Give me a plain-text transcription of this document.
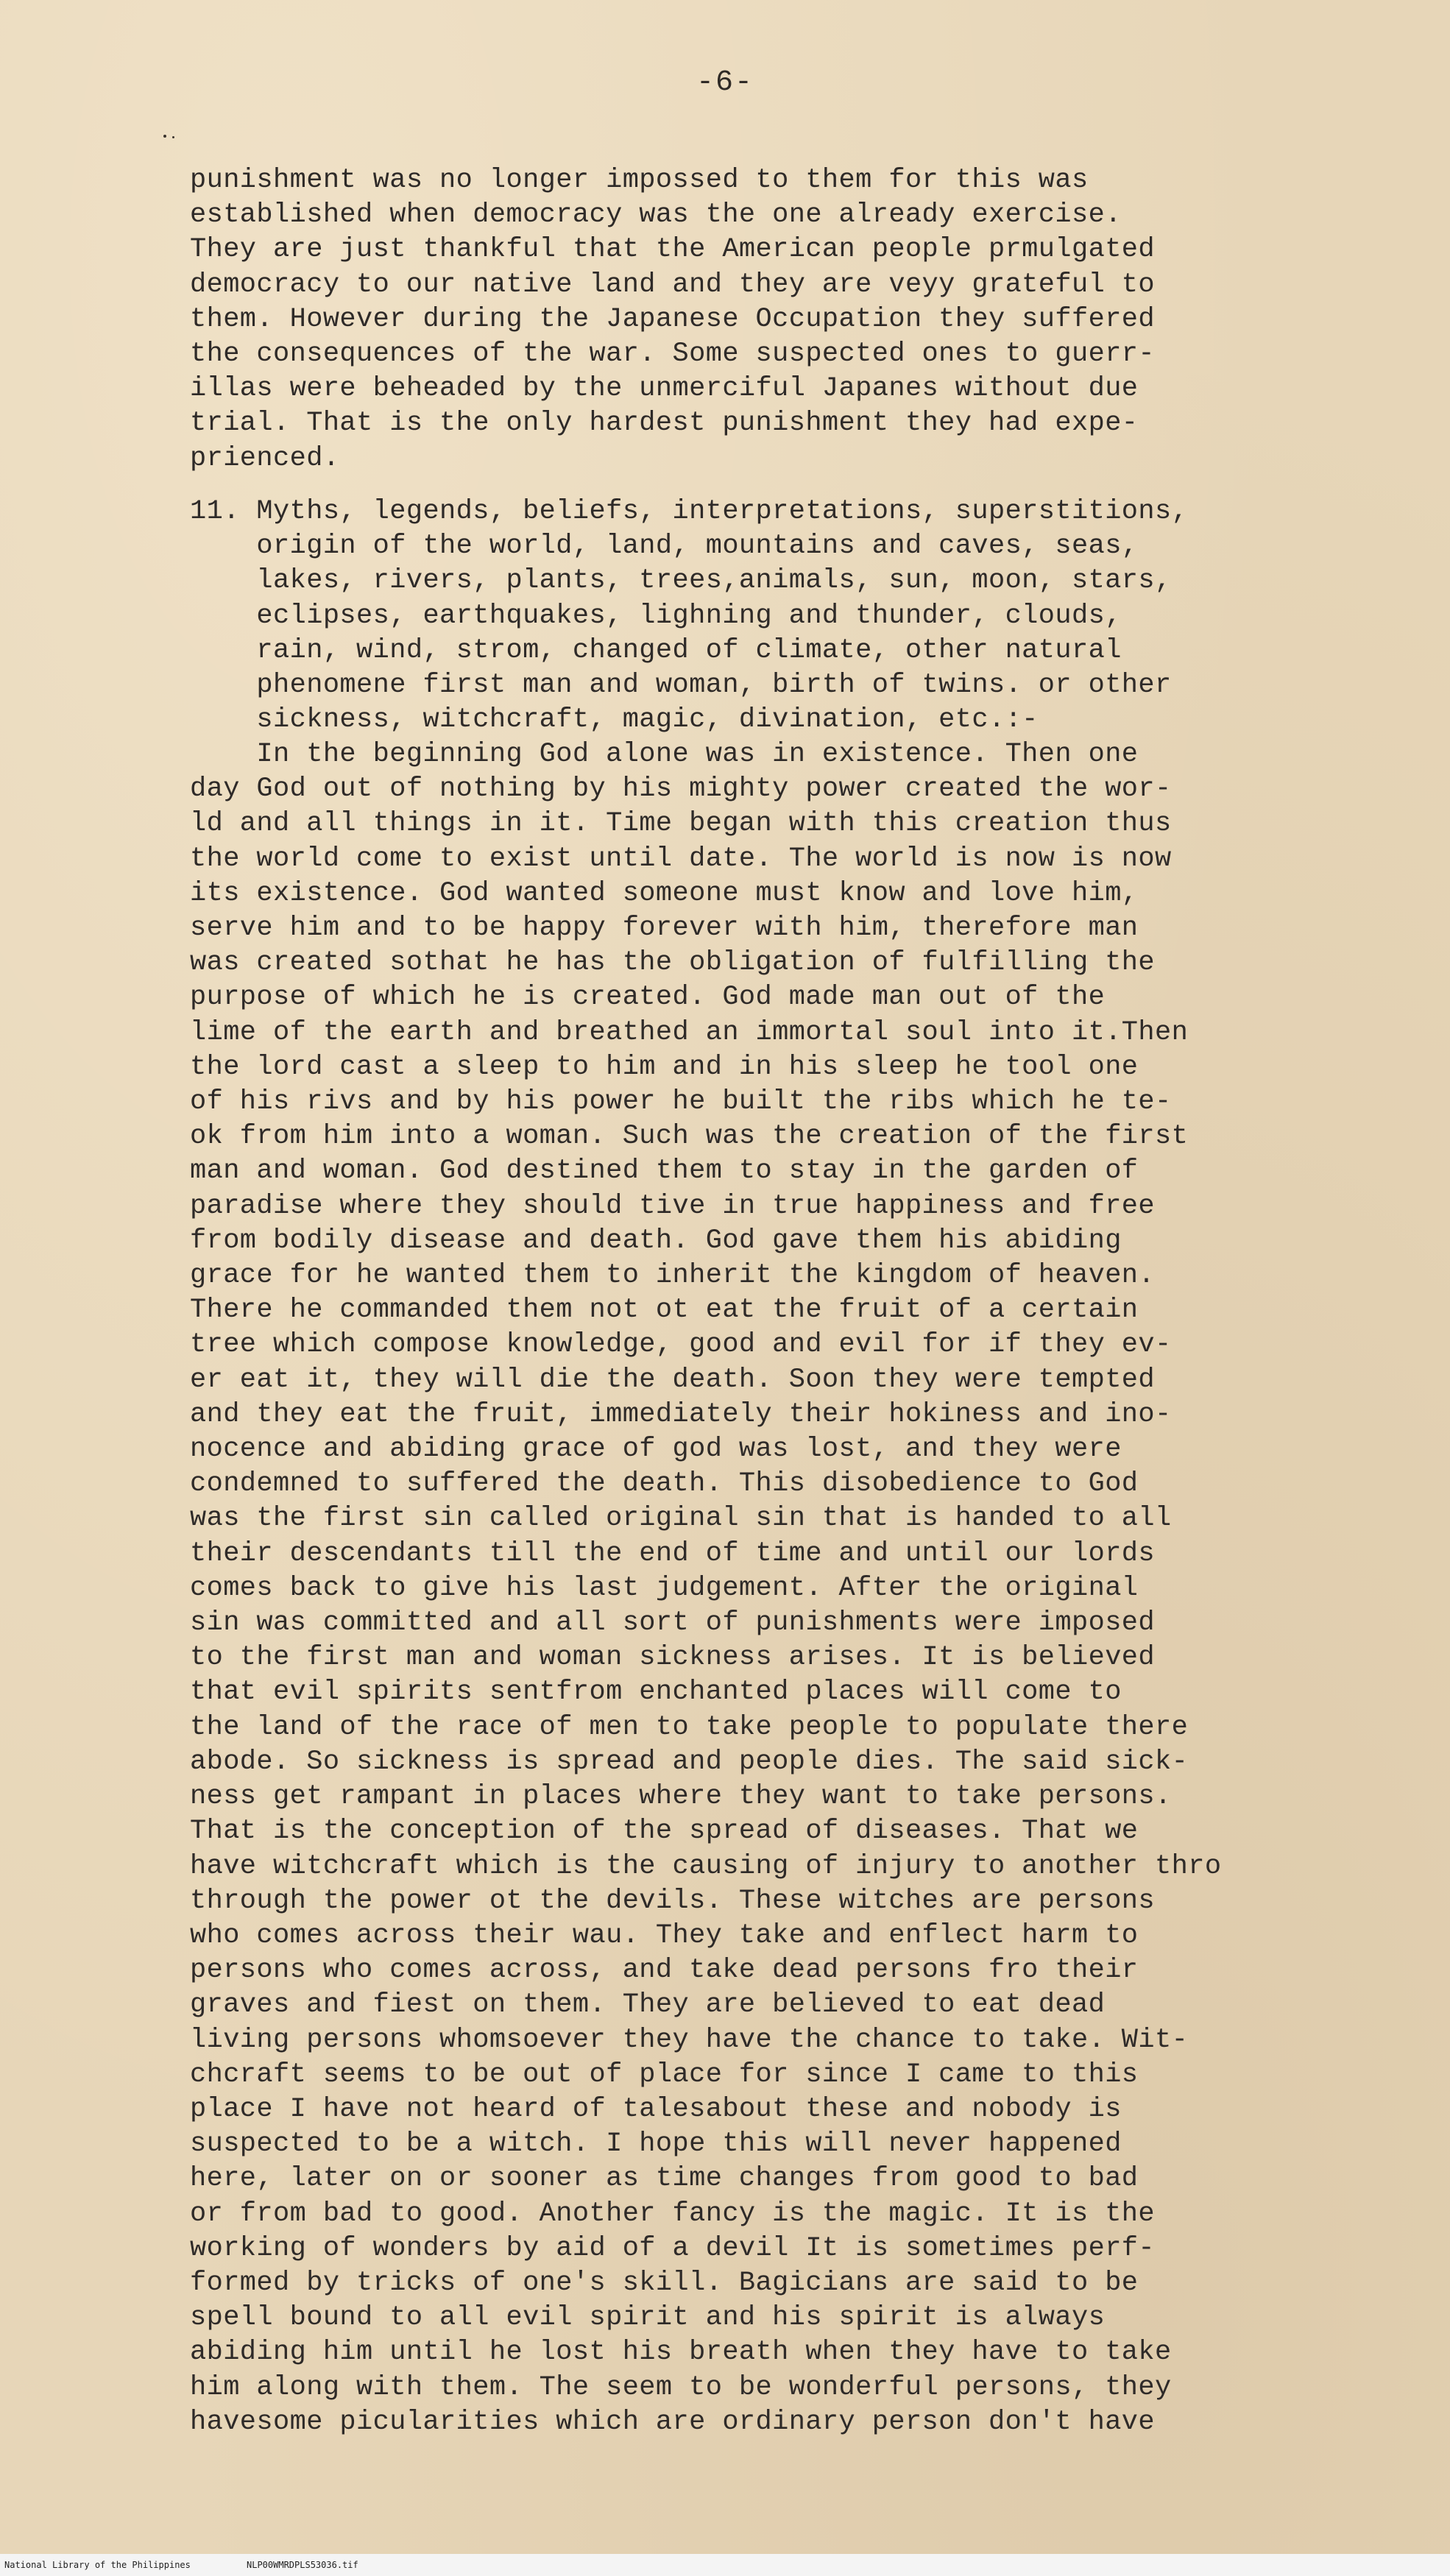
-6-
punishment was no longer impossed to them for this was
established when democracy was the one already exercise.
They are just thankful that the American people prmulgated
democracy to our native land and they are veyy grateful to
them. However during the Japanese Occupation they suffered
the consequences of the war. Some suspected ones to guerr-
illas were beheaded by the unmerciful Japanes without due
trial. That is the only hardest punishment they had expe-
prienced.
11. Myths, legends, beliefs, interpretations, superstitions,
origin of the world, land, mountains and caves, seas,
lakes, rivers, plants, trees,animals, sun, moon, stars,
eclipses, earthquakes, lighning and thunder, clouds,
rain, wind, strom, changed of climate, other natural
phenomene first man and woman, birth of twins. or other
sickness, witchcraft, magic, divination, etc.:-
In the beginning God alone was in existence. Then one
day God out of nothing by his mighty power created the wor-
ld and all things in it. Time began with this creation thus
the world come to exist until date. The world is now is now
its existence. God wanted someone must know and love him,
serve him and to be happy forever with him, therefore man
was created sothat he has the obligation of fulfilling the
purpose of which he is created. God made man out of the
lime of the earth and breathed an immortal soul into it.Then
the lord cast a sleep to him and in his sleep he tool one
of his rivs and by his power he built the ribs which he te-
ok from him into a woman. Such was the creation of the first
man and woman. God destined them to stay in the garden of
paradise where they should tive in true happiness and free
from bodily disease and death. God gave them his abiding
grace for he wanted them to inherit the kingdom of heaven.
There he commanded them not ot eat the fruit of a certain
tree which compose knowledge, good and evil for if they ev-
er eat it, they will die the death. Soon they were tempted
and they eat the fruit, immediately their hokiness and ino-
nocence and abiding grace of god was lost, and they were
condemned to suffered the death. This disobedience to God
was the first sin called original sin that is handed to all
their descendants till the end of time and until our lords
comes back to give his last judgement. After the original
sin was committed and all sort of punishments were imposed
to the first man and woman sickness arises. It is believed
that evil spirits sentfrom enchanted places will come to
the land of the race of men to take people to populate there
abode. So sickness is spread and people dies. The said sick-
ness get rampant in places where they want to take persons.
That is the conception of the spread of diseases. That we
have witchcraft which is the causing of injury to another thro
through the power ot the devils. These witches are persons
who comes across their wau. They take and enflect harm to
persons who comes across, and take dead persons fro their
graves and fiest on them. They are believed to eat dead
living persons whomsoever they have the chance to take. Wit-
chcraft seems to be out of place for since I came to this
place I have not heard of talesabout these and nobody is
suspected to be a witch. I hope this will never happened
here, later on or sooner as time changes from good to bad
or from bad to good. Another fancy is the magic. It is the
working of wonders by aid of a devil It is sometimes perf-
formed by tricks of one's skill. Bagicians are said to be
spell bound to all evil spirit and his spirit is always
abiding him until he lost his breath when they have to take
him along with them. The seem to be wonderful persons, they
havesome picularities which are ordinary person don't have
National Library of the Philippines	NLP00WMRDPLS53036.tif
